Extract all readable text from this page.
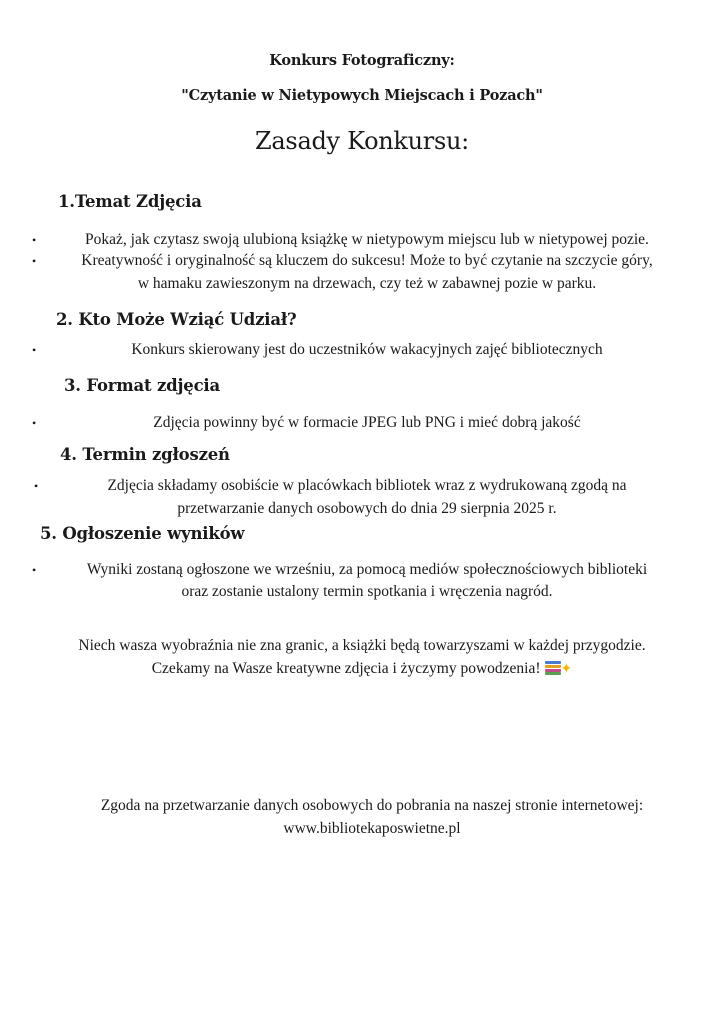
Konkurs Fotograficzny:
"Czytanie w Nietypowych Miejscach i Pozach"
Zasady Konkursu:
1.Temat Zdjęcia
•	Pokaż, jak czytasz swoją ulubioną książkę w nietypowym miejscu lub w nietypowej pozie.
•	Kreatywność i oryginalność są kluczem do sukcesu! Może to być czytanie na szczycie góry,
w hamaku zawieszonym na drzewach, czy też w zabawnej pozie w parku.
2. Kto Może Wziąć Udział?
•	Konkurs skierowany jest do uczestników wakacyjnych zajęć bibliotecznych
3. Format zdjęcia
•	Zdjęcia powinny być w formacie JPEG lub PNG i mieć dobrą jakość
4. Termin zgłoszeń
•	Zdjęcia składamy osobiście w placówkach bibliotek wraz z wydrukowaną zgodą na
przetwarzanie danych osobowych do dnia 29 sierpnia 2025 r.
5. Ogłoszenie wyników
•	Wyniki zostaną ogłoszone we wrześniu, za pomocą mediów społecznościowych biblioteki
oraz zostanie ustalony termin spotkania i wręczenia nagród.
Niech wasza wyobraźnia nie zna granic, a książki będą towarzyszami w każdej przygodzie.
Czekamy na Wasze kreatywne zdjęcia i życzymy powodzenia! ✦
Zgoda na przetwarzanie danych osobowych do pobrania na naszej stronie internetowej:
www.bibliotekaposwietne.pl
